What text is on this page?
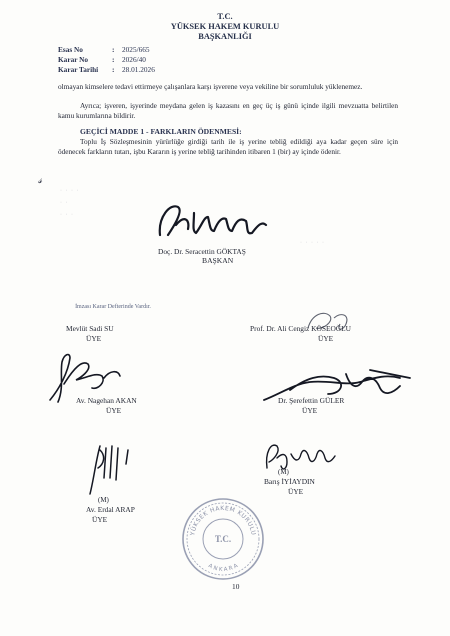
T.C.
YÜKSEK HAKEM KURULU
BAŞKANLIĞI
Esas No	: 2025/665
Karar No	: 2026/40
Karar Tarihi : 28.01.2026
olmayan kimselere tedavi ettirmeye çalışanlara karşı işverene veya vekiline bir sorumluluk yüklenemez.
Ayrıca; işveren, işyerinde meydana gelen iş kazasını en geç üç iş günü içinde ilgili mevzuatta belirtilen kamu kurumlarına bildirir.
GEÇİCİ MADDE 1 - FARKLARIN ÖDENMESİ:
Toplu İş Sözleşmesinin yürürlüğe girdiği tarih ile iş yerine tebliğ edildiği aya kadar geçen süre için ödenecek farkların tutarı, işbu Kararın iş yerine tebliğ tarihinden itibaren 1 (bir) ay içinde ödenir.
𝓈
· · · ·
· ·
· · ·
· · · · ·
Doç. Dr. Seracettin GÖKTAŞ
BAŞKAN
İmzası Karar Defterinde Vardır.
Mevlüt Sadi SU
ÜYE
Prof. Dr. Ali Cengiz KÖSEOĞLU
ÜYE
Av. Nagehan AKAN
ÜYE
Dr. Şerefettin GÜLER
ÜYE
(M)
Av. Erdal ARAP
ÜYE
(M)
Barış İYİAYDIN
ÜYE
YÜKSEK HAKEM KURULU
A N K A R A
T.C.
10
